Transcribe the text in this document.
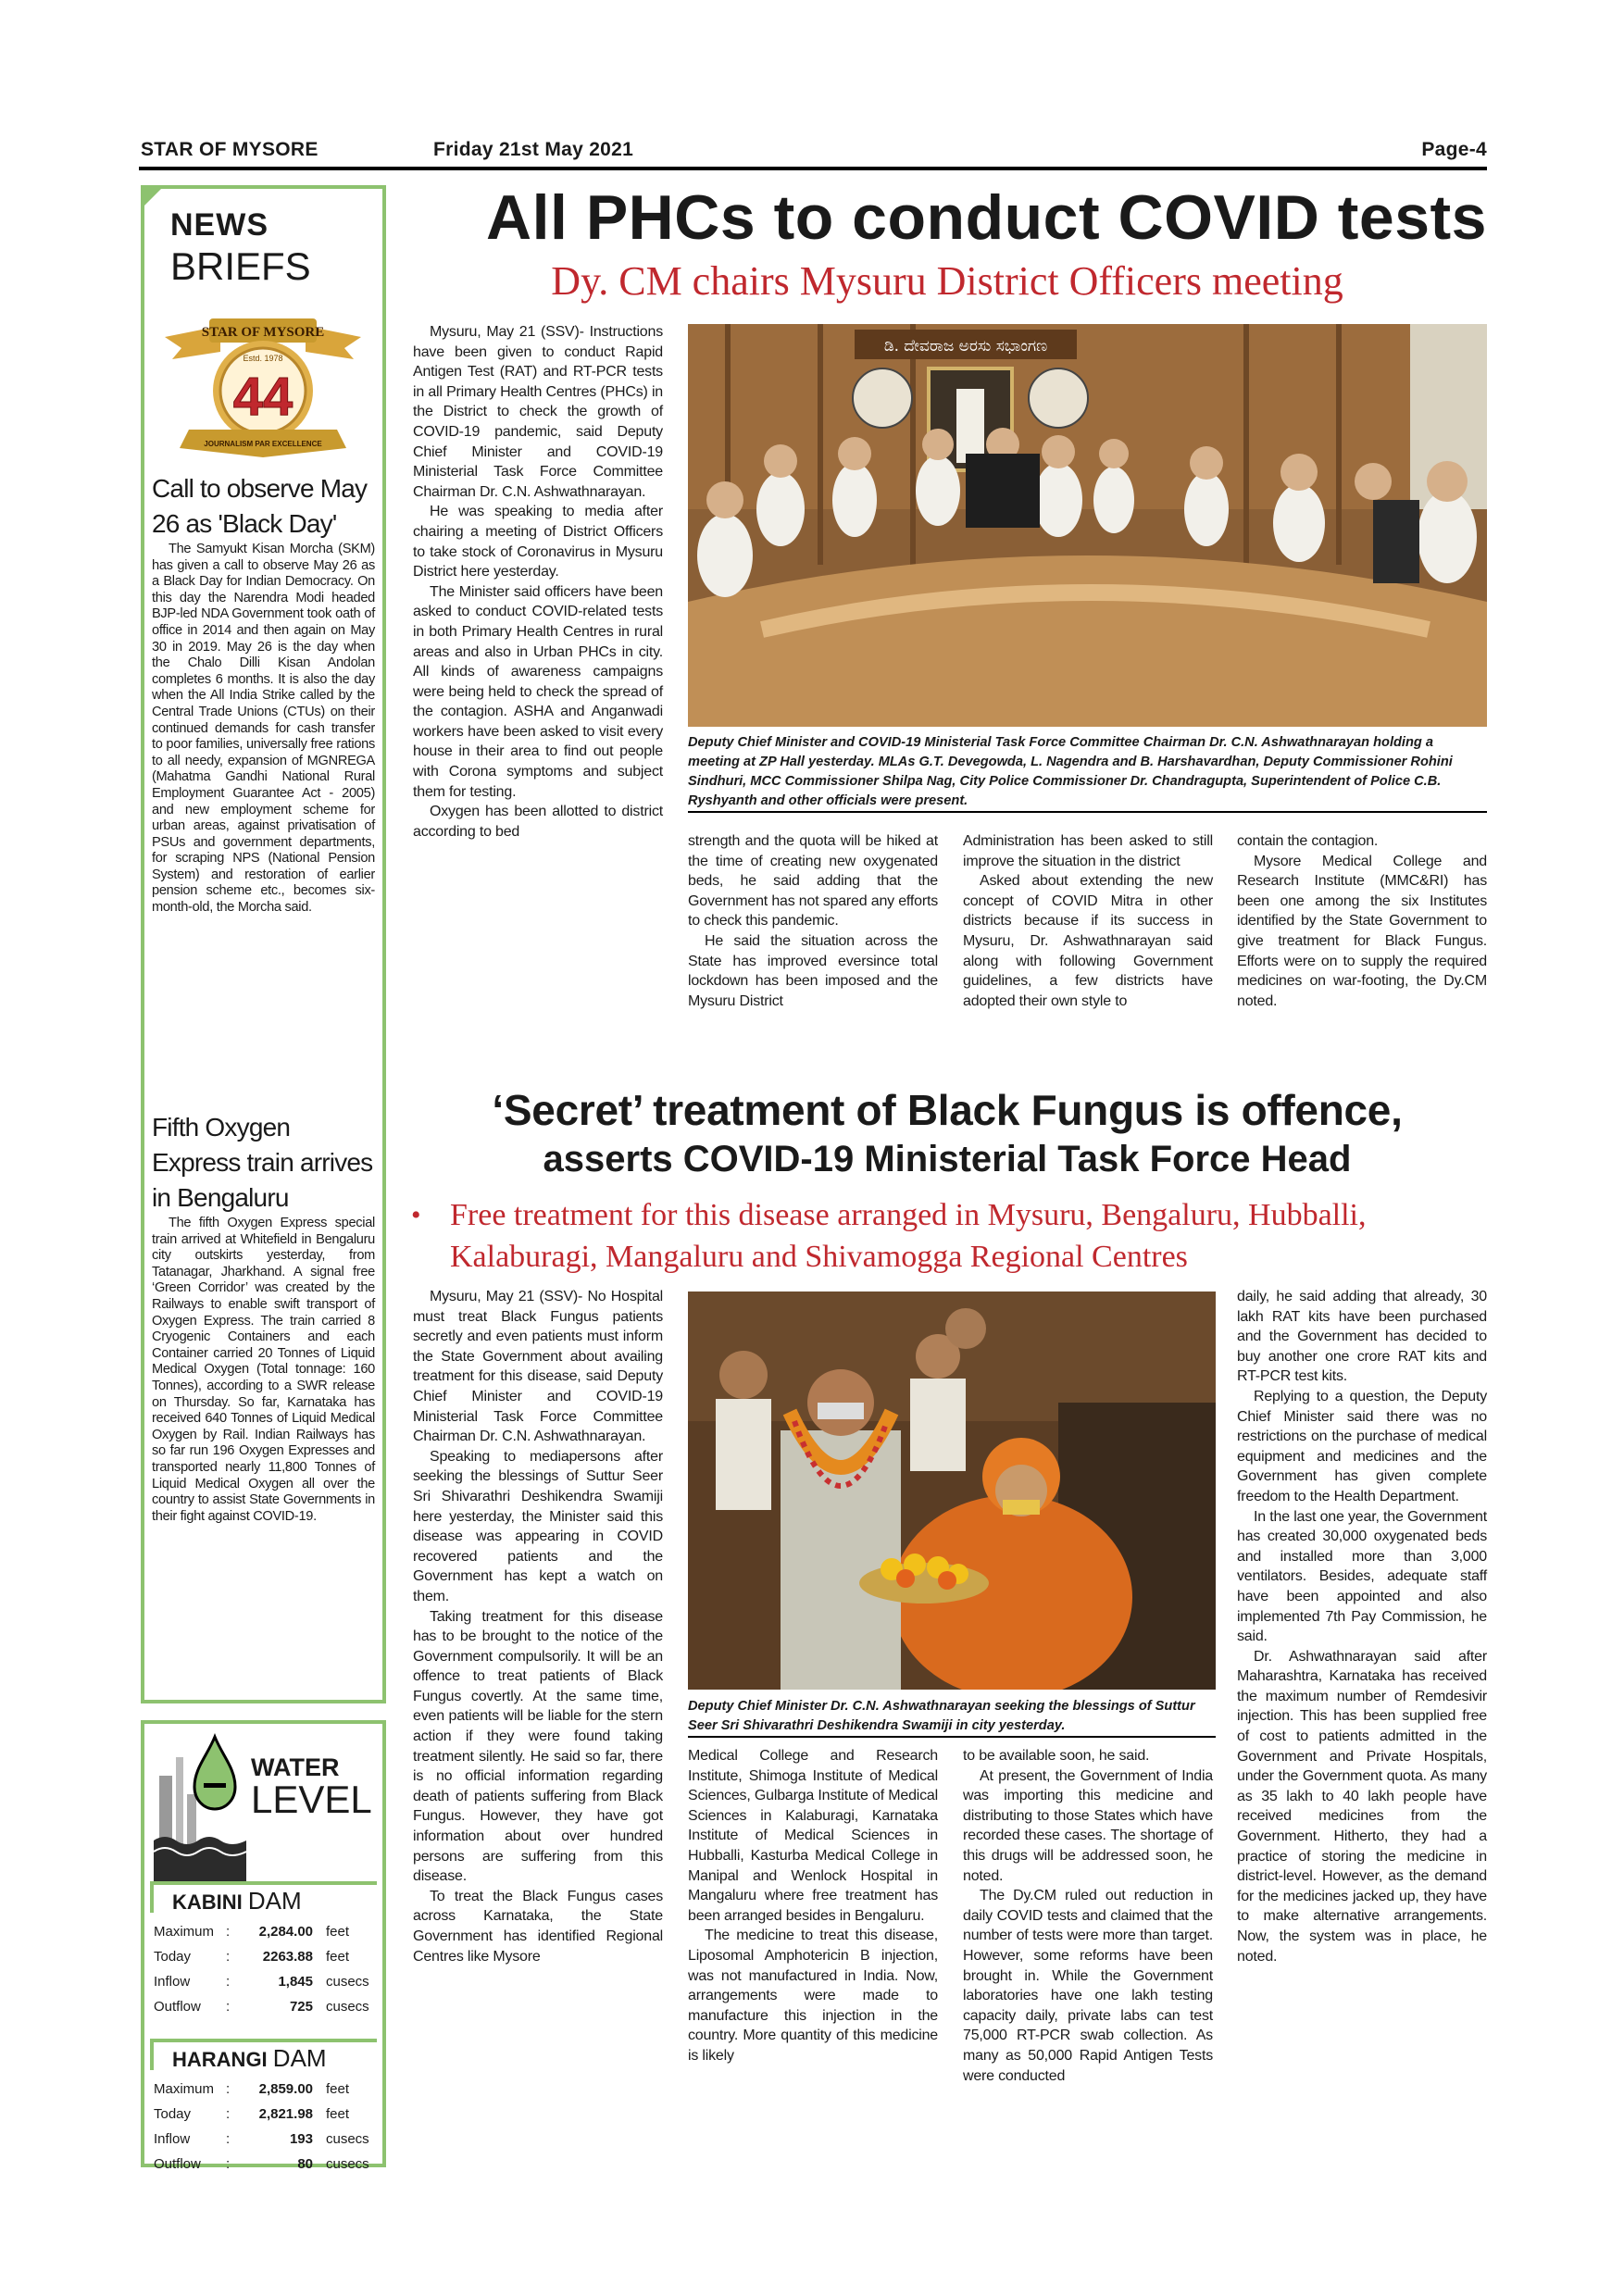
STAR OF MYSORE	Friday 21st May 2021	Page-4
NEWS
BRIEFS
STAR OF MYSORE
Estd. 1978
44
JOURNALISM PAR EXCELLENCE
Call to observe May 26 as 'Black Day'

The Samyukt Kisan Morcha (SKM) has given a call to observe May 26 as a Black Day for Indian Democracy. On this day the Narendra Modi headed BJP-led NDA Government took oath of office in 2014 and then again on May 30 in 2019. May 26 is the day when the Chalo Dilli Kisan Andolan completes 6 months. It is also the day when the All India Strike called by the Central Trade Unions (CTUs) on their continued demands for cash transfer to poor families, universally free rations to all needy, expansion of MGNREGA (Mahatma Gandhi National Rural Employment Guarantee Act - 2005) and new employment scheme for urban areas, against privatisation of PSUs and government departments, for scraping NPS (National Pension System) and restoration of earlier pension scheme etc., becomes six-month-old, the Morcha said.

Fifth Oxygen Express train arrives in Bengaluru

The fifth Oxygen Express special train arrived at Whitefield in Bengaluru city outskirts yesterday, from Tatanagar, Jharkhand. A signal free ‘Green Corridor’ was created by the Railways to enable swift transport of Oxygen Express. The train carried 8 Cryogenic Containers and each Container carried 20 Tonnes of Liquid Medical Oxygen (Total tonnage: 160 Tonnes), according to a SWR release on Thursday. So far, Karnataka has received 640 Tonnes of Liquid Medical Oxygen by Rail. Indian Railways has so far run 196 Oxygen Expresses and transported nearly 11,800 Tonnes of Liquid Medical Oxygen all over the country to assist State Governments in their fight against COVID-19.

WATER
LEVEL
KABINI DAM
Maximum : 2,284.00 feet
Today	: 2263.88 feet
Inflow	:	1,845 cusecs
Outflow :	725 cusecs
HARANGI DAM
Maximum : 2,859.00 feet
Today	: 2,821.98 feet
Inflow	:	193 cusecs
Outflow :	80 cusecs
All PHCs to conduct COVID tests
Dy. CM chairs Mysuru District Officers meeting

Mysuru, May 21 (SSV)- Instructions have been given to conduct Rapid Antigen Test (RAT) and RT-PCR tests in all Primary Health Centres (PHCs) in the District to check the growth of COVID-19 pandemic, said Deputy Chief Minister and COVID-19 Ministerial Task Force Committee Chairman Dr. C.N. Ashwathnarayan.

He was speaking to media after chairing a meeting of District Officers to take stock of Coronavirus in Mysuru District here yesterday.

The Minister said officers have been asked to conduct COVID-related tests in both Primary Health Centres in rural areas and also in Urban PHCs in city. All kinds of awareness campaigns were being held to check the spread of the contagion. ASHA and Anganwadi workers have been asked to visit every house in their area to find out people with Corona symptoms and subject them for testing.

Oxygen has been allotted to district according to bed

ಡಿ. ದೇವರಾಜ ಅರಸು ಸಭಾಂಗಣ
Deputy Chief Minister and COVID-19 Ministerial Task Force Committee Chairman Dr. C.N. Ashwathnarayan holding a meeting at ZP Hall yesterday. MLAs G.T. Devegowda, L. Nagendra and B. Harshavardhan, Deputy Commissioner Rohini Sindhuri, MCC Commissioner Shilpa Nag, City Police Commissioner Dr. Chandragupta, Superintendent of Police C.B. Ryshyanth and other officials were present.

strength and the quota will be hiked at the time of creating new oxygenated beds, he said adding that the Government has not spared any efforts to check this pandemic.

He said the situation across the State has improved eversince total lockdown has been imposed and the Mysuru District

Administration has been asked to still improve the situation in the district

Asked about extending the new concept of COVID Mitra in other districts because if its success in Mysuru, Dr. Ashwathnarayan said along with following Government guidelines, a few districts have adopted their own style to

contain the contagion.

Mysore Medical College and Research Institute (MMC&RI) has been one among the six Institutes identified by the State Government to give treatment for Black Fungus. Efforts were on to supply the required medicines on war-footing, the Dy.CM noted.

‘Secret’ treatment of Black Fungus is offence,
asserts COVID-19 Ministerial Task Force Head
• Free treatment for this disease arranged in Mysuru, Bengaluru, Hubballi, Kalaburagi, Mangaluru and Shivamogga Regional Centres

Mysuru, May 21 (SSV)- No Hospital must treat Black Fungus patients secretly and even patients must inform the State Government about availing treatment for this disease, said Deputy Chief Minister and COVID-19 Ministerial Task Force Committee Chairman Dr. C.N. Ashwathnarayan.

Speaking to mediapersons after seeking the blessings of Suttur Seer Sri Shivarathri Deshikendra Swamiji here yesterday, the Minister said this disease was appearing in COVID recovered patients and the Government has kept a watch on them.

Taking treatment for this disease has to be brought to the notice of the Government compulsorily. It will be an offence to treat patients of Black Fungus covertly. At the same time, even patients will be liable for the stern action if they were found taking treatment silently. He said so far, there is no official information regarding death of patients suffering from Black Fungus. However, they have got information about over hundred persons are suffering from this disease.

To treat the Black Fungus cases across Karnataka, the State Government has identified Regional Centres like Mysore

Deputy Chief Minister Dr. C.N. Ashwathnarayan seeking the blessings of Suttur Seer Sri Shivarathri Deshikendra Swamiji in city yesterday.

Medical College and Research Institute, Shimoga Institute of Medical Sciences, Gulbarga Institute of Medical Sciences in Kalaburagi, Karnataka Institute of Medical Sciences in Hubballi, Kasturba Medical College in Manipal and Wenlock Hospital in Mangaluru where free treatment has been arranged besides in Bengaluru.

The medicine to treat this disease, Liposomal Amphotericin B injection, was not manufactured in India. Now, arrangements were made to manufacture this injection in the country. More quantity of this medicine is likely

to be available soon, he said.

At present, the Government of India was importing this medicine and distributing to those States which have recorded these cases. The shortage of this drugs will be addressed soon, he noted.

The Dy.CM ruled out reduction in daily COVID tests and claimed that the number of tests were more than target. However, some reforms have been brought in. While the Government laboratories have one lakh testing capacity daily, private labs can test 75,000 RT-PCR swab collection. As many as 50,000 Rapid Antigen Tests were conducted

daily, he said adding that already, 30 lakh RAT kits have been purchased and the Government has decided to buy another one crore RAT kits and RT-PCR test kits.

Replying to a question, the Deputy Chief Minister said there was no restrictions on the purchase of medical equipment and medicines and the Government has given complete freedom to the Health Department.

In the last one year, the Government has created 30,000 oxygenated beds and installed more than 3,000 ventilators. Besides, adequate staff have been appointed and also implemented 7th Pay Commission, he said.

Dr. Ashwathnarayan said after Maharashtra, Karnataka has received the maximum number of Remdesivir injection. This has been supplied free of cost to patients admitted in the Government and Private Hospitals, under the Government quota. As many as 35 lakh to 40 lakh people have received medicines from the Government. Hitherto, they had a practice of storing the medicine in district-level. However, as the demand for the medicines jacked up, they have to make alternative arrangements. Now, the system was in place, he noted.
